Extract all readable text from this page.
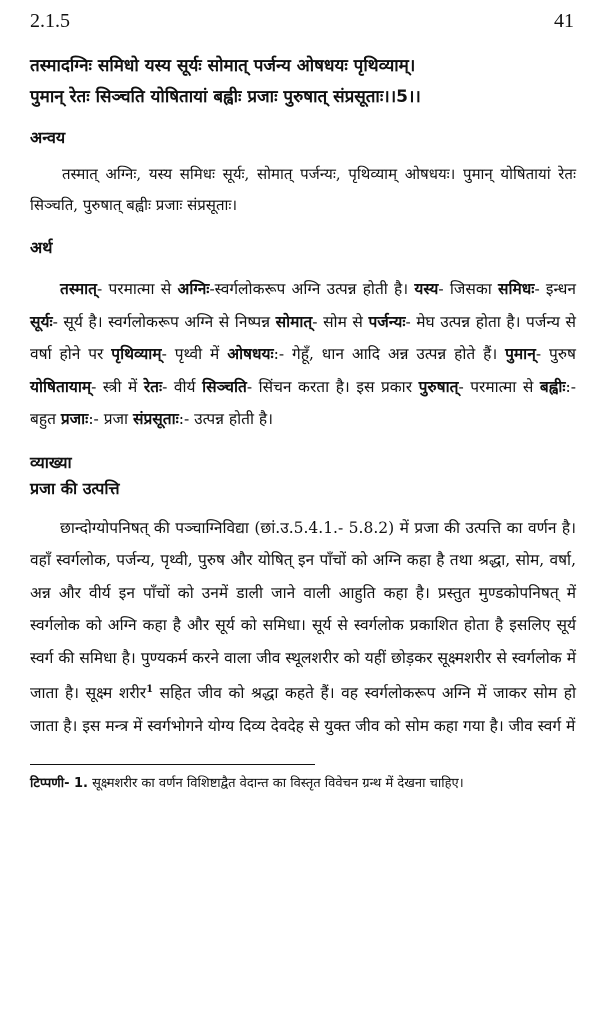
2.1.5	41
तस्मादग्निः समिधो यस्य सूर्यः सोमात् पर्जन्य ओषधयः पृथिव्याम्।
पुमान् रेतः सिञ्चति योषितायां बह्वीः प्रजाः पुरुषात् संप्रसूताः।।5।।
अन्वय

तस्मात् अग्निः, यस्य समिधः सूर्यः, सोमात् पर्जन्यः, पृथिव्याम् ओषधयः। पुमान् योषितायां रेतः सिञ्चति, पुरुषात् बह्वीः प्रजाः संप्रसूताः।

अर्थ

तस्मात्- परमात्मा से अग्निः-स्वर्गलोकरूप अग्नि उत्पन्न होती है। यस्य- जिसका समिधः- इन्धन सूर्यः- सूर्य है। स्वर्गलोकरूप अग्नि से निष्पन्न सोमात्- सोम से पर्जन्यः- मेघ उत्पन्न होता है। पर्जन्य से वर्षा होने पर पृथिव्याम्- पृथ्वी में ओषधयः:- गेहूँ, धान आदि अन्न उत्पन्न होते हैं। पुमान्- पुरुष योषितायाम्- स्त्री में रेतः- वीर्य सिञ्चति- सिंचन करता है। इस प्रकार पुरुषात्- परमात्मा से बह्वीः:- बहुत प्रजाः:- प्रजा संप्रसूताः:- उत्पन्न होती है।

व्याख्या
प्रजा की उत्पत्ति

छान्दोग्योपनिषत् की पञ्चाग्निविद्या (छां.उ.5.4.1.- 5.8.2) में प्रजा की उत्पत्ति का वर्णन है। वहाँ स्वर्गलोक, पर्जन्य, पृथ्वी, पुरुष और योषित् इन पाँचों को अग्नि कहा है तथा श्रद्धा, सोम, वर्षा, अन्न और वीर्य इन पाँचों को उनमें डाली जाने वाली आहुति कहा है। प्रस्तुत मुण्डकोपनिषत् में स्वर्गलोक को अग्नि कहा है और सूर्य को समिधा। सूर्य से स्वर्गलोक प्रकाशित होता है इसलिए सूर्य स्वर्ग की समिधा है। पुण्यकर्म करने वाला जीव स्थूलशरीर को यहीं छोड़कर सूक्ष्मशरीर से स्वर्गलोक में जाता है। सूक्ष्म शरीर$^1$ सहित जीव को श्रद्धा कहते हैं। वह स्वर्गलोकरूप अग्नि में जाकर सोम हो जाता है। इस मन्त्र में स्वर्गभोगने योग्य दिव्य देवदेह से युक्त जीव को सोम कहा गया है। जीव स्वर्ग में

टिप्पणी- 1. सूक्ष्मशरीर का वर्णन विशिष्टाद्वैत वेदान्त का विस्तृत विवेचन ग्रन्थ में देखना चाहिए।
